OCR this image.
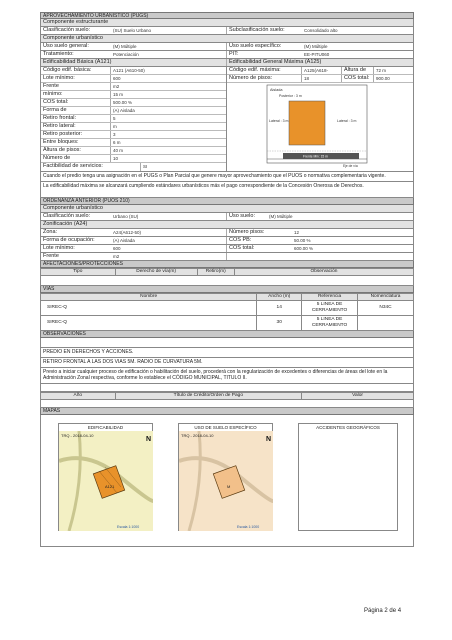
APROVECHAMIENTO URBANÍSTICO (PUGS)
Componente estructurante
Clasificación suelo:	(SU) Suelo Urbano	Subclasificación suelo:	Consolidado alto
Componente urbanístico
Uso suelo general:	(M) Múltiple	Uso suelo específico:	(M) Múltiple
Tratamiento:	Potenciación	PIT:	EE-PITU060
Edificabilidad Básica (A121)	Edificabilidad General Máxima (A125)
Código edif. básica:	A121 (A610-50)
Lote mínimo:	600
Frente	m2
mínimo:	15 m
COS total:	500.00 %
Forma de	(A) Aislada
Retiro frontal:	5
Retiro lateral:	m
Retiro posterior:	3
Entre bloques:	6 m
Altura de pisos:	40 m
Número de	10
Factibilidad de servicios:	SI
Código edif. máxima:	A125(A618-	Altura de	72 m
Número de pisos:	18	COS total:	900.00
Aislada
Posterior : 3 m
Lateral : 3 m	Lateral : 3 m
Frente Min: 15 m
Eje de vía
Cuando el predio tenga una asignación en el PUGS o Plan Parcial que genere mayor aprovechamiento que el PUOS o normativa complementaria vigente.
La edificabilidad máxima se alcanzará cumpliendo estándares urbanísticos más el pago correspondiente de la Concesión Onerosa de Derechos.
ORDENANZA ANTERIOR (PUOS 210)
Componente urbanístico
Clasificación suelo:	Urbano (SU)	Uso suelo:	(M) Múltiple
Zonificación (A24)
Zona:	A24(A612-50)	Número pisos:	12
Forma de ocupación:	(A) Aislada	COS PB:	50.00 %
Lote mínimo:	600	COS total:	600.00 %
Frente	m2
AFECTACIONES/PROTECCIONES
Tipo	Derecho de vía(m)	Retiro(m)	Observación
VÍAS
Nombre	Ancho (m)	Referencia	Nomenclatura
SIREC-Q	14	5 LINEA DE CERRAMIENTO	N34C
SIREC-Q	30	5 LINEA DE CERRAMIENTO	
OBSERVACIONES
PREDIO EN DERECHOS Y ACCIONES.
RETIRO FRONTAL A LAS DOS VIAS 5M. RADIO DE CURVATURA 5M.
Previo a iniciar cualquier proceso de edificación o habilitación del suelo, procederá con la regularización de excedentes o diferencias de áreas del lote en la Administración Zonal respectiva, conforme lo establece el CÓDIGO MUNICIPAL, TITULO II.
Año	Título de Crédito/Orden de Pago	Valor
MAPAS
EDIFICABILIDAD
TRQ - 2018-04-10
N
A121
Escala 1:1000
USO DE SUELO ESPECÍFICO
TRQ - 2018-04-10
N
M
Escala 1:1000
ACCIDENTES GEOGRÁFICOS
Página 2 de 4
